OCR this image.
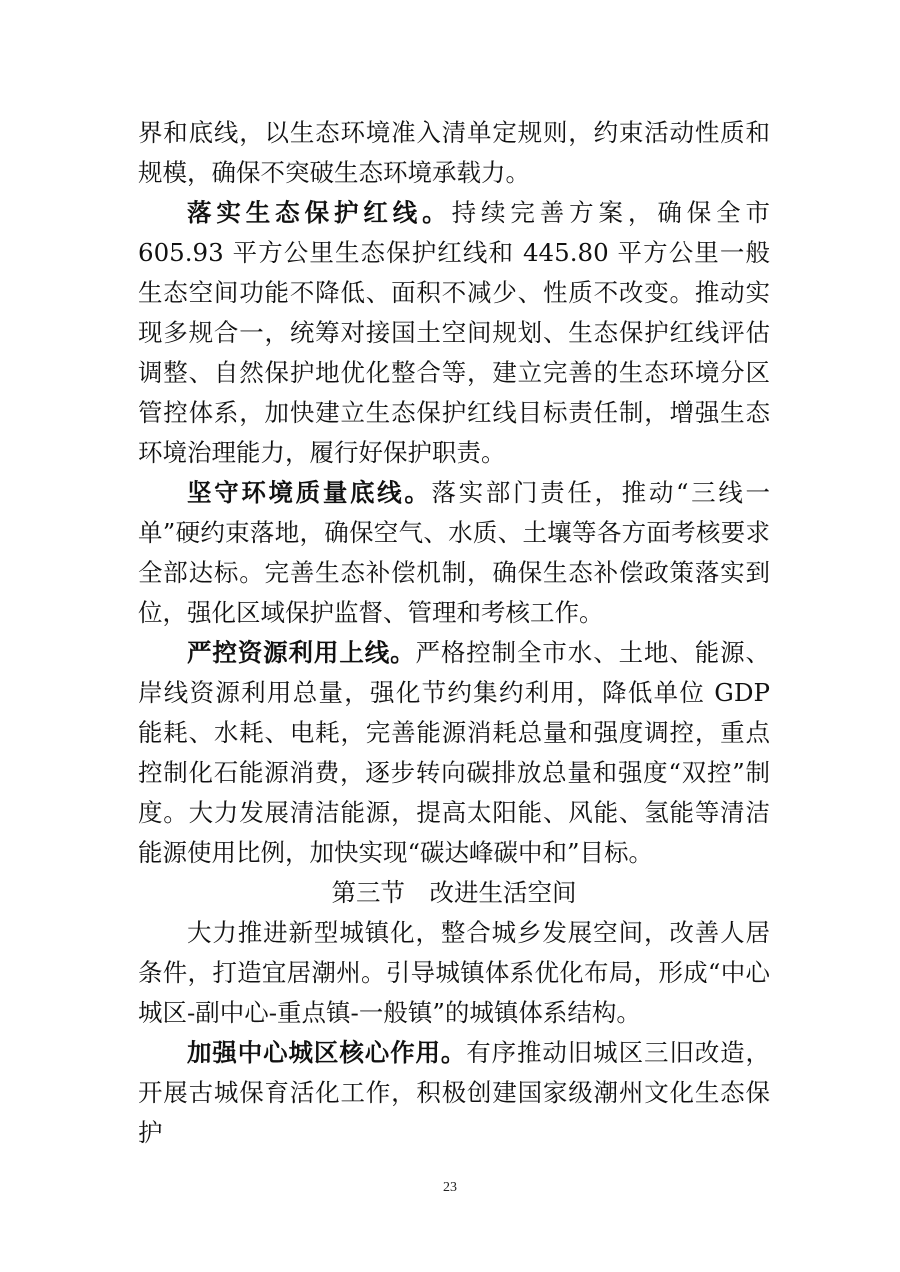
界和底线，以生态环境准入清单定规则，约束活动性质和规模，确保不突破生态环境承载力。

落实生态保护红线。持续完善方案，确保全市 605.93 平方公里生态保护红线和 445.80 平方公里一般生态空间功能不降低、面积不减少、性质不改变。推动实现多规合一，统筹对接国土空间规划、生态保护红线评估调整、自然保护地优化整合等，建立完善的生态环境分区管控体系，加快建立生态保护红线目标责任制，增强生态环境治理能力，履行好保护职责。

坚守环境质量底线。落实部门责任，推动“三线一单”硬约束落地，确保空气、水质、土壤等各方面考核要求全部达标。完善生态补偿机制，确保生态补偿政策落实到位，强化区域保护监督、管理和考核工作。

严控资源利用上线。严格控制全市水、土地、能源、岸线资源利用总量，强化节约集约利用，降低单位 GDP 能耗、水耗、电耗，完善能源消耗总量和强度调控，重点控制化石能源消费，逐步转向碳排放总量和强度“双控”制度。大力发展清洁能源，提高太阳能、风能、氢能等清洁能源使用比例，加快实现“碳达峰碳中和”目标。

第三节　改进生活空间

大力推进新型城镇化，整合城乡发展空间，改善人居条件，打造宜居潮州。引导城镇体系优化布局，形成“中心城区-副中心-重点镇-一般镇”的城镇体系结构。

加强中心城区核心作用。有序推动旧城区三旧改造，开展古城保育活化工作，积极创建国家级潮州文化生态保护

23
